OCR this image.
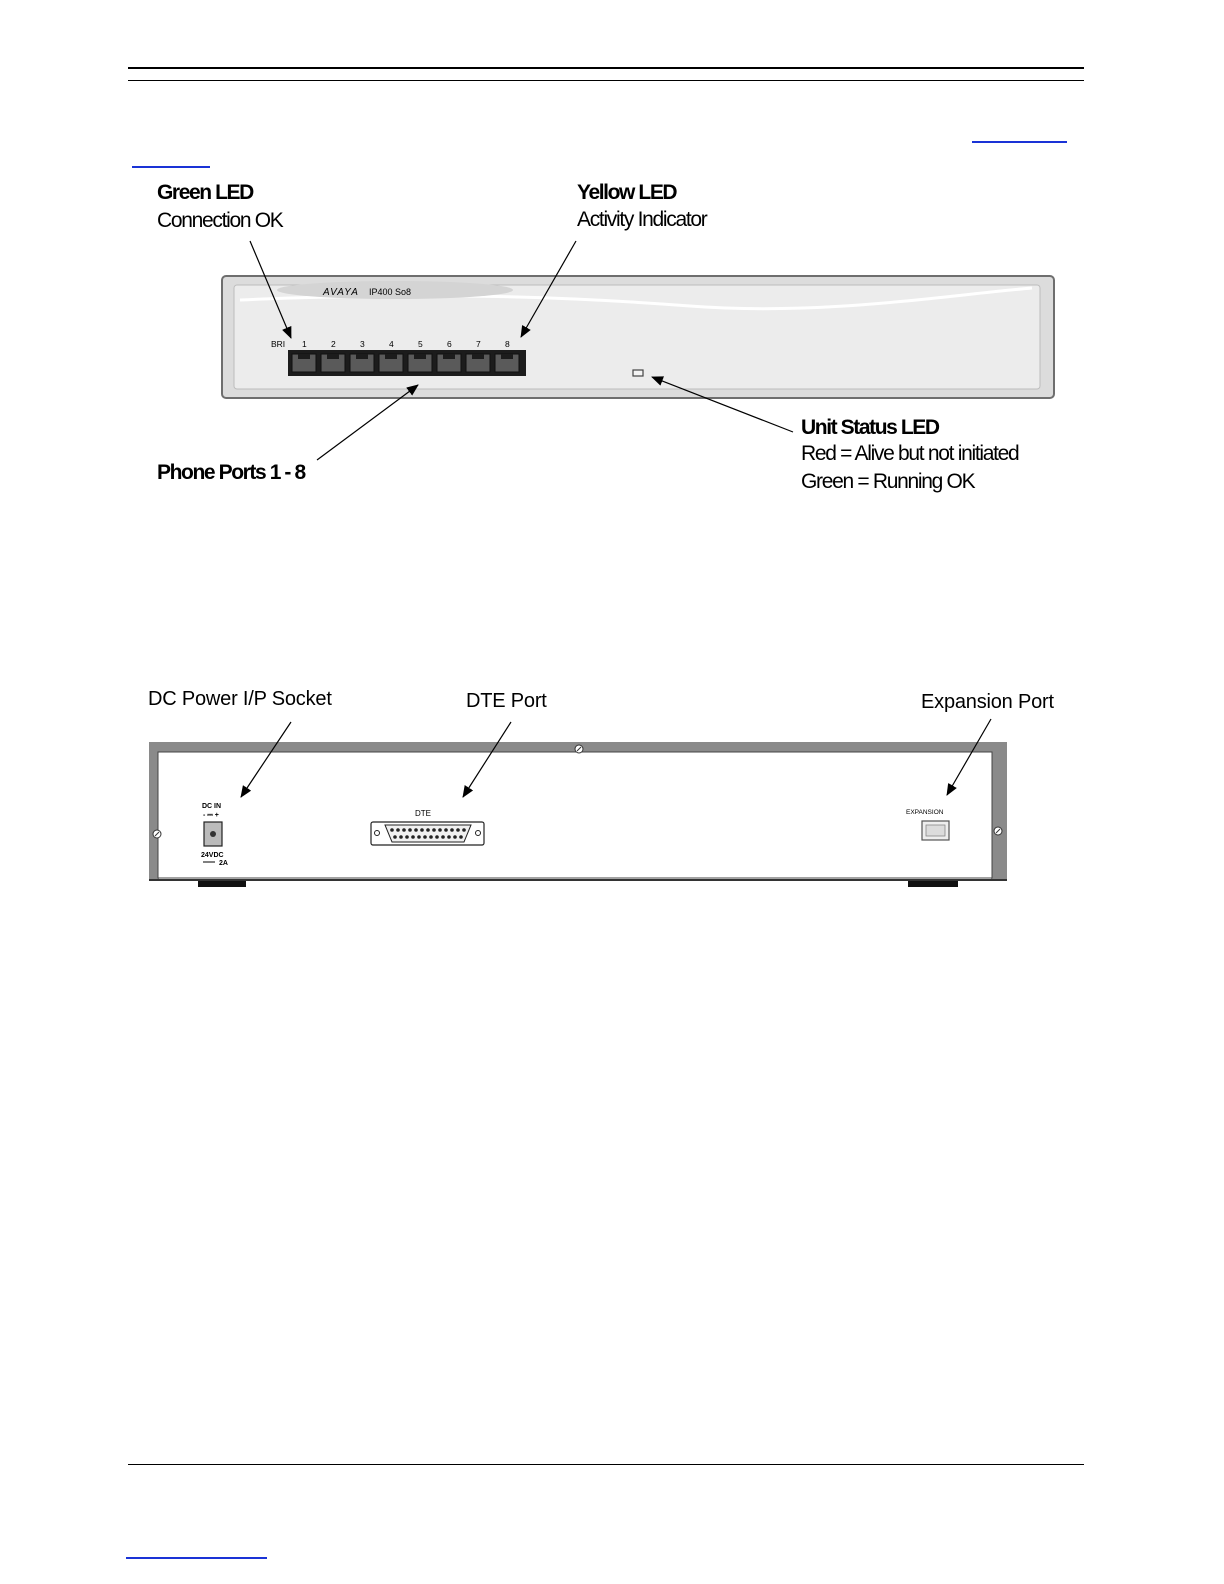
Green LED
Connection OK
Yellow LED
Activity Indicator
Phone Ports 1 - 8
Unit Status LED
Red = Alive but not initiated
Green = Running OK
DC Power I/P Socket	DTE Port	Expansion Port
AVAYA IP400 So8
BRI 1	2	3	4	5	6	7	8
DC IN
- ⎓ +
24VDC
2A
DTE	EXPANSION
